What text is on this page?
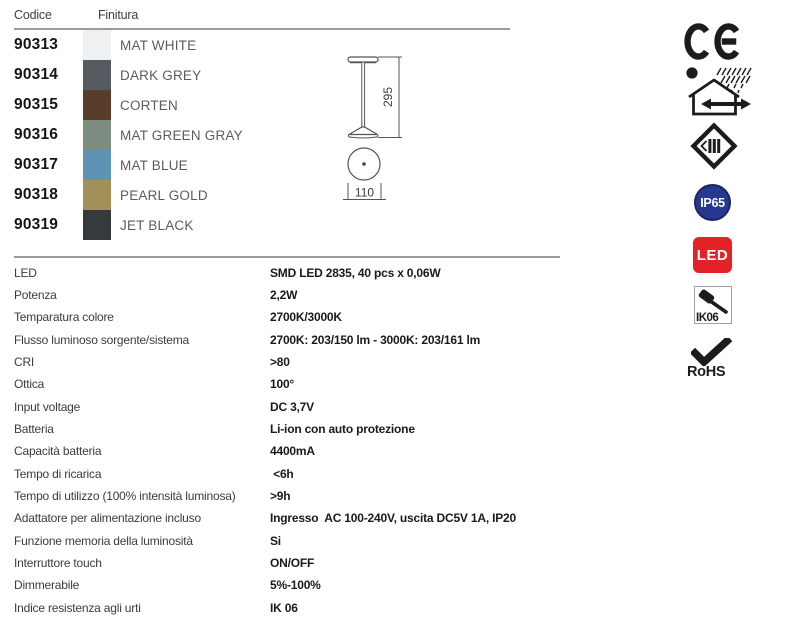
Codice	Finitura
90313	MAT WHITE
90314	DARK GREY
90315	CORTEN
90316	MAT GREEN GRAY
90317	MAT BLUE
90318	PEARL GOLD
90319	JET BLACK
295
110
IP65
LED
IK06
RoHS
LED	SMD LED 2835, 40 pcs x 0,06W
Potenza	2,2W
Temparatura colore	2700K/3000K
Flusso luminoso sorgente/sistema	2700K: 203/150 lm - 3000K: 203/161 lm
CRI	>80
Ottica	100°
Input voltage	DC 3,7V
Batteria	Li-ion con auto protezione
Capacità batteria	4400mA
Tempo di ricarica	<6h
Tempo di utilizzo (100% intensità luminosa)	>9h
Adattatore per alimentazione incluso	Ingresso  AC 100-240V, uscita DC5V 1A, IP20
Funzione memoria della luminosità	Si
Interruttore touch	ON/OFF
Dimmerabile	5%-100%
Indice resistenza agli urti	IK 06
